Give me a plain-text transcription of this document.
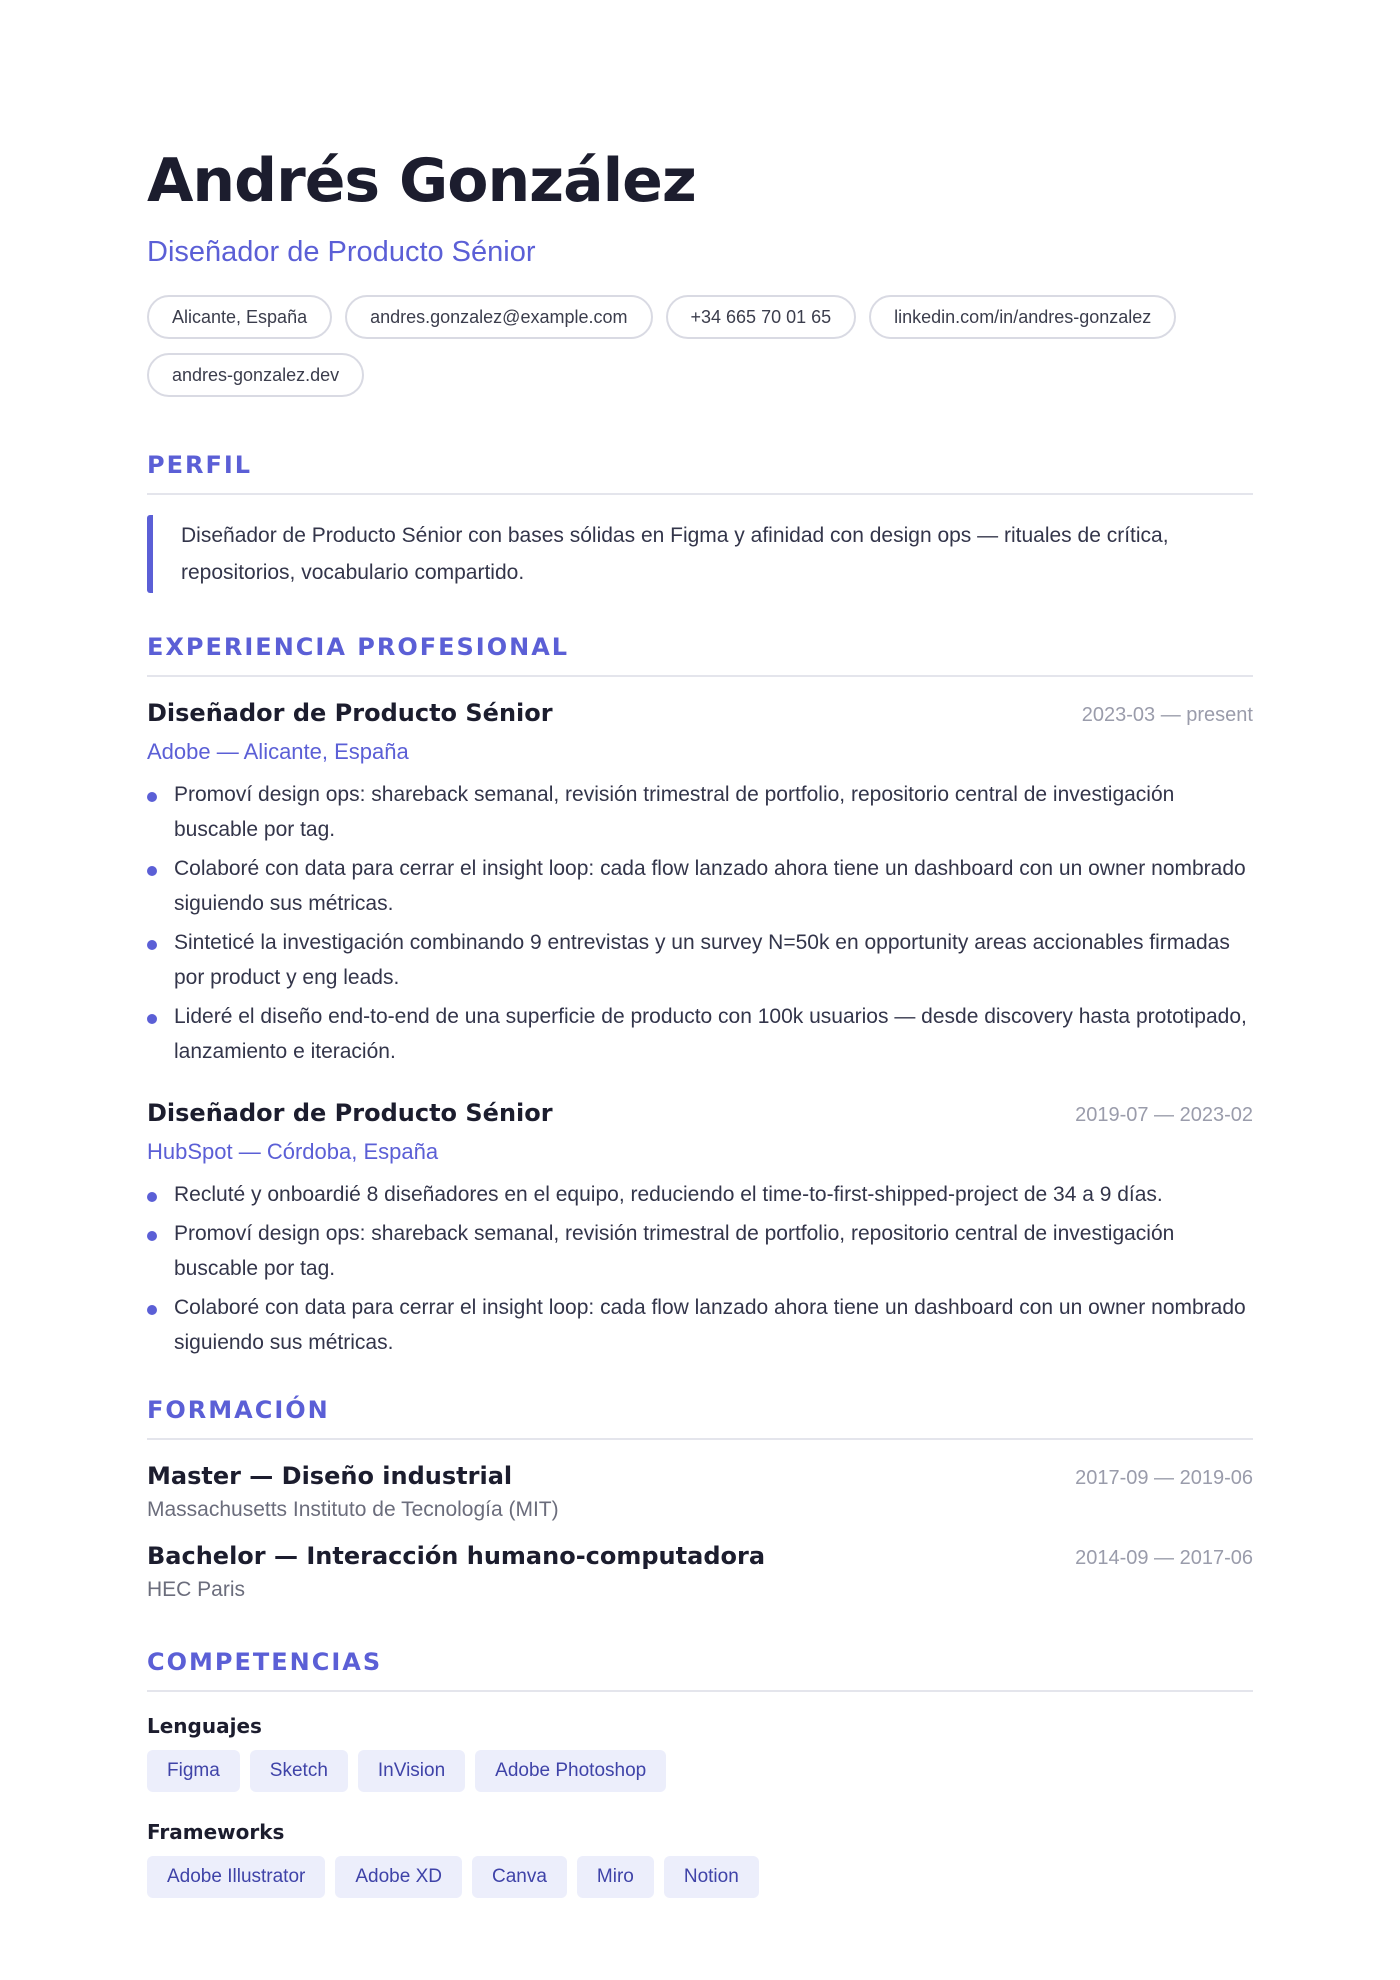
Andrés González
Diseñador de Producto Sénior
Alicante, España	andres.gonzalez@example.com	+34 665 70 01 65	linkedin.com/in/andres-gonzalez
andres-gonzalez.dev
PERFIL
Diseñador de Producto Sénior con bases sólidas en Figma y afinidad con design ops — rituales de crítica, repositorios, vocabulario compartido.
EXPERIENCIA PROFESIONAL
Diseñador de Producto Sénior	2023-03 — present
Adobe — Alicante, España
Promoví design ops: shareback semanal, revisión trimestral de portfolio, repositorio central de investigación buscable por tag.
Colaboré con data para cerrar el insight loop: cada flow lanzado ahora tiene un dashboard con un owner nombrado siguiendo sus métricas.
Sinteticé la investigación combinando 9 entrevistas y un survey N=50k en opportunity areas accionables firmadas por product y eng leads.
Lideré el diseño end-to-end de una superficie de producto con 100k usuarios — desde discovery hasta prototipado, lanzamiento e iteración.
Diseñador de Producto Sénior	2019-07 — 2023-02
HubSpot — Córdoba, España
Recluté y onboardié 8 diseñadores en el equipo, reduciendo el time-to-first-shipped-project de 34 a 9 días.
Promoví design ops: shareback semanal, revisión trimestral de portfolio, repositorio central de investigación buscable por tag.
Colaboré con data para cerrar el insight loop: cada flow lanzado ahora tiene un dashboard con un owner nombrado siguiendo sus métricas.
FORMACIÓN
Master — Diseño industrial	2017-09 — 2019-06
Massachusetts Instituto de Tecnología (MIT)
Bachelor — Interacción humano-computadora	2014-09 — 2017-06
HEC Paris
COMPETENCIAS
Lenguajes
Figma	Sketch	InVision	Adobe Photoshop
Frameworks
Adobe Illustrator	Adobe XD	Canva	Miro	Notion
